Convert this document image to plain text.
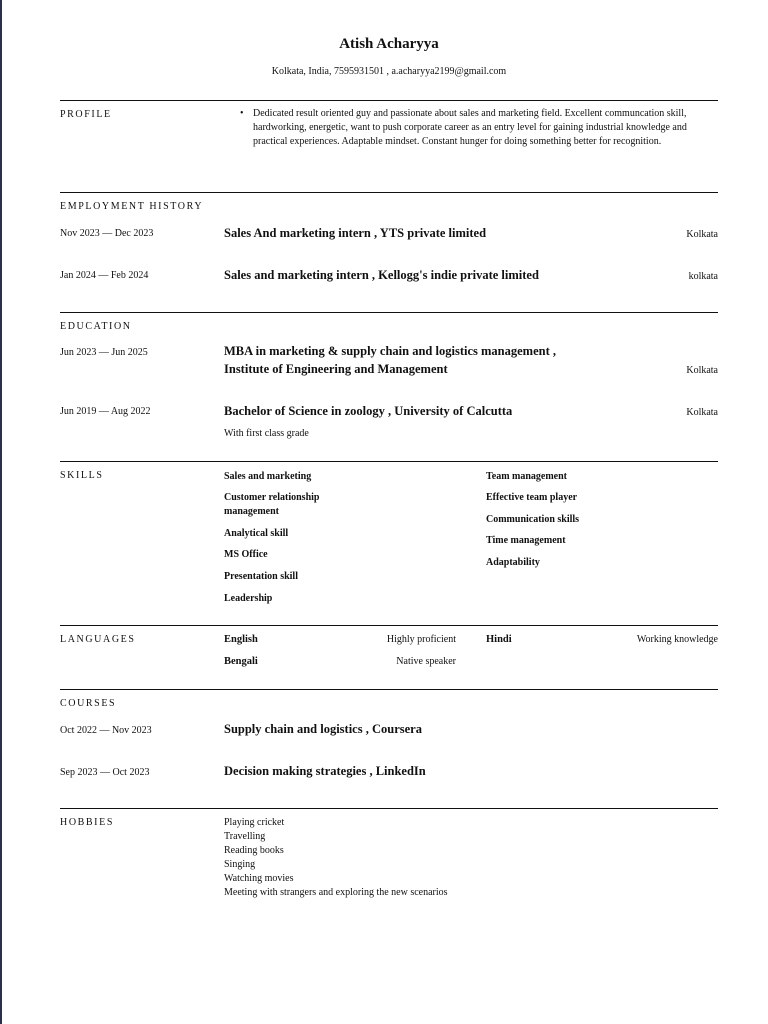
Atish Acharyya
Kolkata, India, 7595931501 , a.acharyya2199@gmail.com
PROFILE	• Dedicated result oriented guy and passionate about sales and marketing field. Excellent communcation skill, hardworking, energetic, want to push corporate career as an entry level for gaining industrial knowledge and practical experiences. Adaptable mindset. Constant hunger for doing something better for recognition.
EMPLOYMENT HISTORY
Nov 2023 — Dec 2023	Sales And marketing intern , YTS private limited	Kolkata
Jan 2024 — Feb 2024	Sales and marketing intern , Kellogg's indie private limited	kolkata
EDUCATION
Jun 2023 — Jun 2025	MBA in marketing & supply chain and logistics management ,
Institute of Engineering and Management	Kolkata
Jun 2019 — Aug 2022	Bachelor of Science in zoology , University of Calcutta	Kolkata
With first class grade
SKILLS	Sales and marketing
Customer relationship management
Analytical skill
MS Office
Presentation skill
Leadership
Team management
Effective team player
Communication skills
Time management
Adaptability
LANGUAGES	English	Highly proficient
Bengali	Native speaker
Hindi	Working knowledge
COURSES
Oct 2022 — Nov 2023	Supply chain and logistics , Coursera
Sep 2023 — Oct 2023	Decision making strategies , LinkedIn
HOBBIES	Playing cricket
Travelling
Reading books
Singing
Watching movies
Meeting with strangers and exploring the new scenarios
